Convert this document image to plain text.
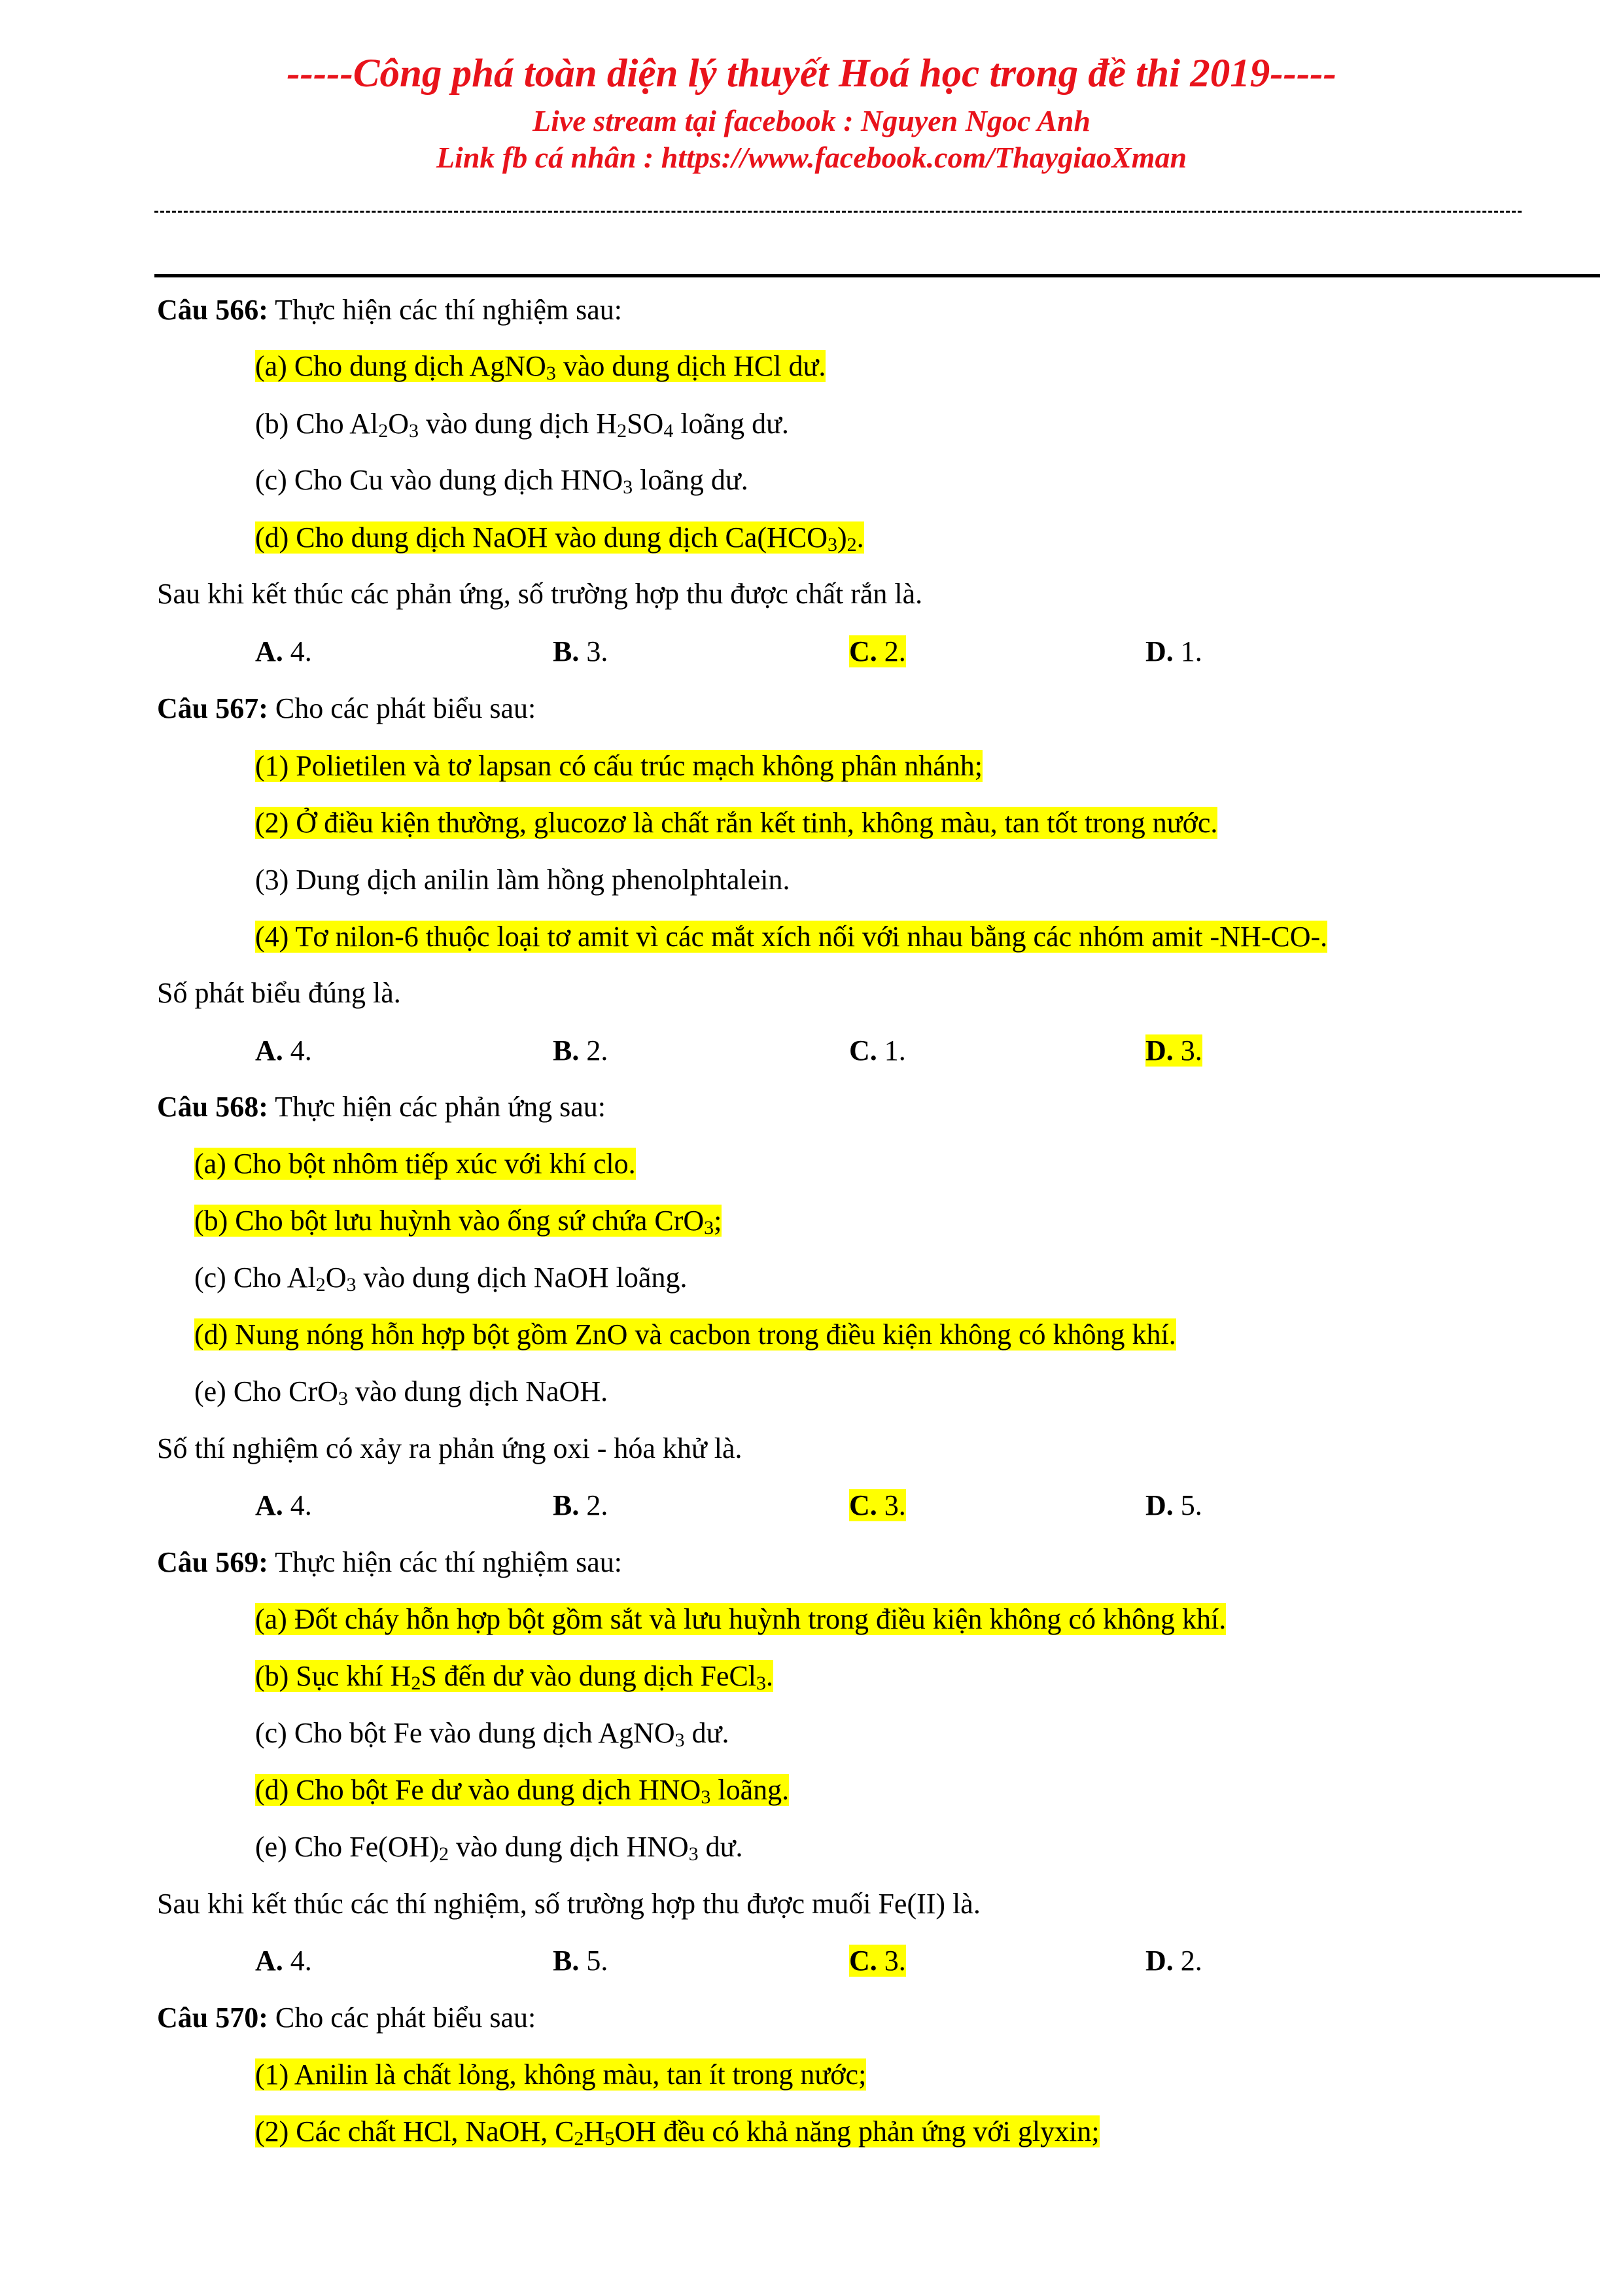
-----Công phá toàn diện lý thuyết Hoá học trong đề thi 2019-----
Live stream tại facebook : Nguyen Ngoc Anh
Link fb cá nhân : https://www.facebook.com/ThaygiaoXman
Câu 566: Thực hiện các thí nghiệm sau:
(a) Cho dung dịch AgNO$_3$ vào dung dịch HCl dư.
(b) Cho $Al_2O_3$ vào dung dịch $H_2SO_4$ loãng dư.
(c) Cho Cu vào dung dịch $HNO_3$ loãng dư.
(d) Cho dung dịch NaOH vào dung dịch $Ca(HCO_3)_2$.
Sau khi kết thúc các phản ứng, số trường hợp thu được chất rắn là.
A. 4.	B. 3.	C. 2.	D. 1.
Câu 567: Cho các phát biểu sau:
(1) Polietilen và tơ lapsan có cấu trúc mạch không phân nhánh;
(2) Ở điều kiện thường, glucozơ là chất rắn kết tinh, không màu, tan tốt trong nước.
(3) Dung dịch anilin làm hồng phenolphtalein.
(4) Tơ nilon-6 thuộc loại tơ amit vì các mắt xích nối với nhau bằng các nhóm amit -NH-CO-.
Số phát biểu đúng là.
A. 4.	B. 2.	C. 1.	D. 3.
Câu 568: Thực hiện các phản ứng sau:
(a) Cho bột nhôm tiếp xúc với khí clo.
(b) Cho bột lưu huỳnh vào ống sứ chứa CrO$_3$;
(c) Cho $Al_2O_3$ vào dung dịch NaOH loãng.
(d) Nung nóng hỗn hợp bột gồm ZnO và cacbon trong điều kiện không có không khí.
(e) Cho CrO$_3$ vào dung dịch NaOH.
Số thí nghiệm có xảy ra phản ứng oxi - hóa khử là.
A. 4.	B. 2.	C. 3.	D. 5.
Câu 569: Thực hiện các thí nghiệm sau:
(a) Đốt cháy hỗn hợp bột gồm sắt và lưu huỳnh trong điều kiện không có không khí.
(b) Sục khí $H_2S$ đến dư vào dung dịch FeCl$_3$.
(c) Cho bột Fe vào dung dịch AgNO$_3$ dư.
(d) Cho bột Fe dư vào dung dịch $HNO_3$ loãng.
(e) Cho $Fe(OH)_2$ vào dung dịch $HNO_3$ dư.
Sau khi kết thúc các thí nghiệm, số trường hợp thu được muối Fe(II) là.
A. 4.	B. 5.	C. 3.	D. 2.
Câu 570: Cho các phát biểu sau:
(1) Anilin là chất lỏng, không màu, tan ít trong nước;
(2) Các chất HCl, NaOH, $C_2H_5OH$ đều có khả năng phản ứng với glyxin;
